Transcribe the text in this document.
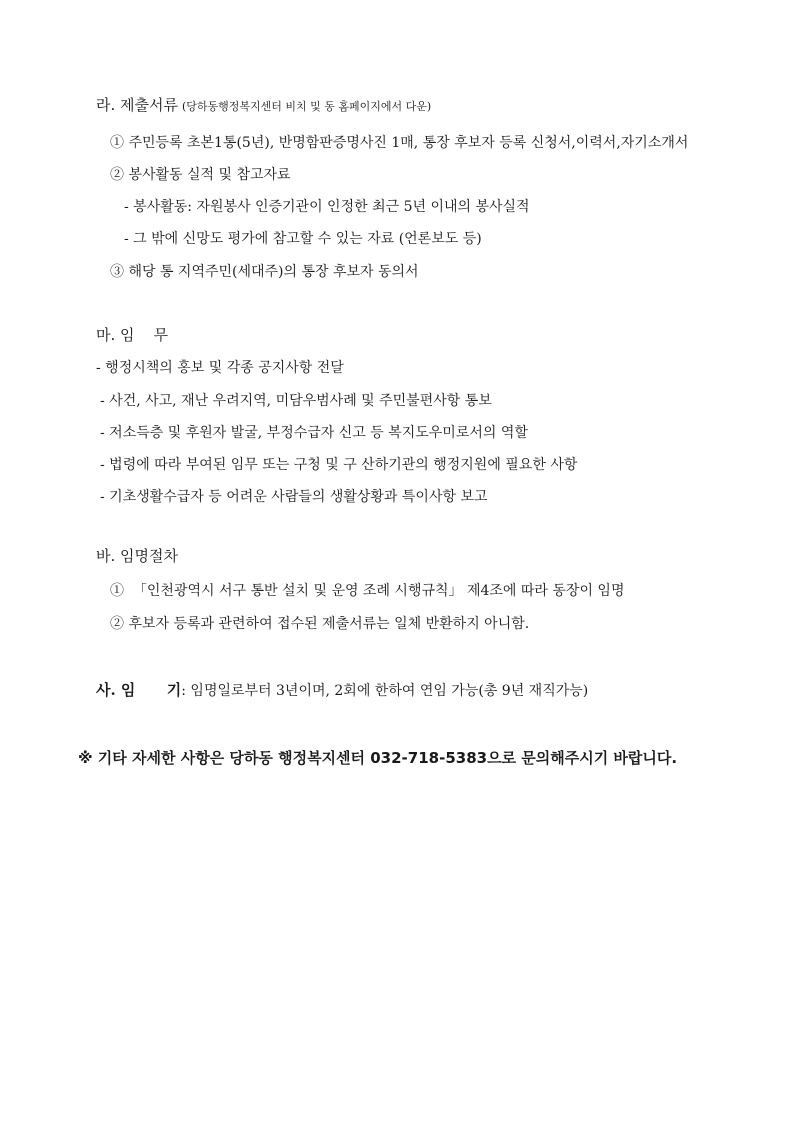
라. 제출서류 (당하동행정복지센터 비치 및 동 홈페이지에서 다운)
① 주민등록 초본1통(5년), 반명함판증명사진 1매, 통장 후보자 등록 신청서,이력서,자기소개서
② 봉사활동 실적 및 참고자료
- 봉사활동: 자원봉사 인증기관이 인정한 최근 5년 이내의 봉사실적
- 그 밖에 신망도 평가에 참고할 수 있는 자료 (언론보도 등)
③ 해당 통 지역주민(세대주)의 통장 후보자 동의서
마. 임    무
- 행정시책의 홍보 및 각종 공지사항 전달
- 사건, 사고, 재난 우려지역, 미담우범사례 및 주민불편사항 통보
- 저소득층 및 후원자 발굴, 부정수급자 신고 등 복지도우미로서의 역할
- 법령에 따라 부여된 임무 또는 구청 및 구 산하기관의 행정지원에 필요한 사항
- 기초생활수급자 등 어려운 사람들의 생활상황과 특이사항 보고
바. 임명절차
①  「인천광역시 서구 통반 설치 및 운영 조례 시행규칙」 제4조에 따라 동장이 임명
② 후보자 등록과 관련하여 접수된 제출서류는 일체 반환하지 아니함.
사. 임      기: 임명일로부터 3년이며, 2회에 한하여 연임 가능(총 9년 재직가능)
※ 기타 자세한 사항은 당하동 행정복지센터 032-718-5383으로 문의해주시기 바랍니다.
